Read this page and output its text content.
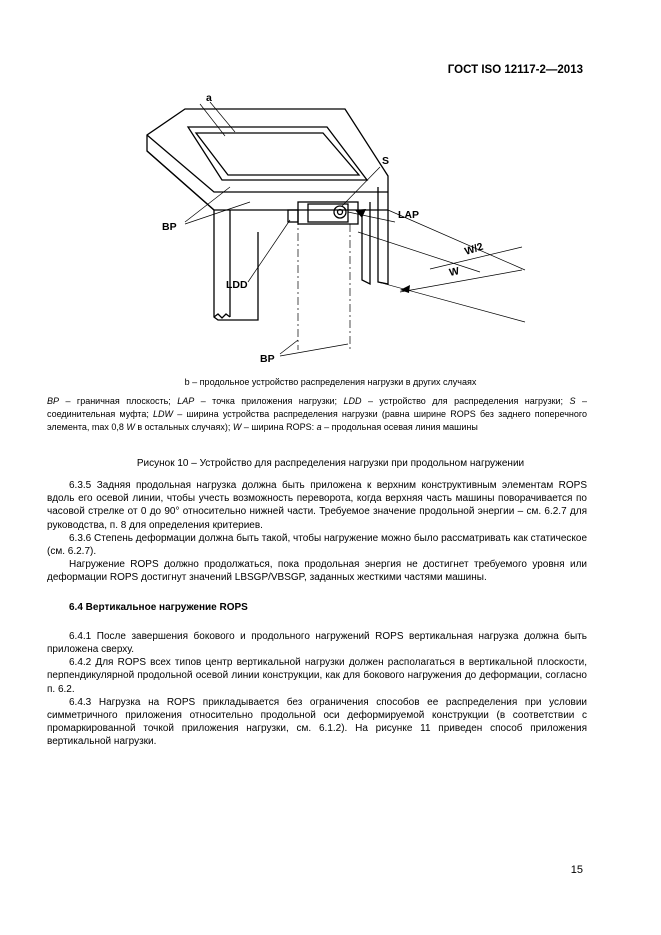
ГОСТ ISO 12117-2—2013
a
S
BP
LAP
LDD
W/2
W
BP
b – продольное устройство распределения нагрузки в других случаях
BP – граничная плоскость; LAP – точка приложения нагрузки; LDD – устройство для распределения нагрузки; S – соединительная муфта; LDW – ширина устройства распределения нагрузки (равна ширине ROPS без заднего поперечного элемента, max 0,8 W в остальных случаях); W – ширина ROPS: a – продольная осевая линия машины
Рисунок 10 – Устройство для распределения нагрузки при продольном нагружении

6.3.5 Задняя продольная нагрузка должна быть приложена к верхним конструктивным элементам ROPS вдоль его осевой линии, чтобы учесть возможность переворота, когда верхняя часть машины поворачивается по часовой стрелке от 0 до 90° относительно нижней части. Требуемое значение продольной энергии – см. 6.2.7 для руководства, п. 8 для определения критериев.

6.3.6 Степень деформации должна быть такой, чтобы нагружение можно было рассматривать как статическое (см. 6.2.7).

Нагружение ROPS должно продолжаться, пока продольная энергия не достигнет требуемого уровня или деформации ROPS достигнут значений LBSGP/VBSGP, заданных жесткими частями машины.

6.4 Вертикальное нагружение ROPS

6.4.1 После завершения бокового и продольного нагружений ROPS вертикальная нагрузка должна быть приложена сверху.

6.4.2 Для ROPS всех типов центр вертикальной нагрузки должен располагаться в вертикальной плоскости, перпендикулярной продольной осевой линии конструкции, как для бокового нагружения до деформации, согласно п. 6.2.

6.4.3 Нагрузка на ROPS прикладывается без ограничения способов ее распределения при условии симметричного приложения относительно продольной оси деформируемой конструкции (в соответствии с промаркированной точкой приложения нагрузки, см. 6.1.2). На рисунке 11 приведен способ приложения вертикальной нагрузки.

15
